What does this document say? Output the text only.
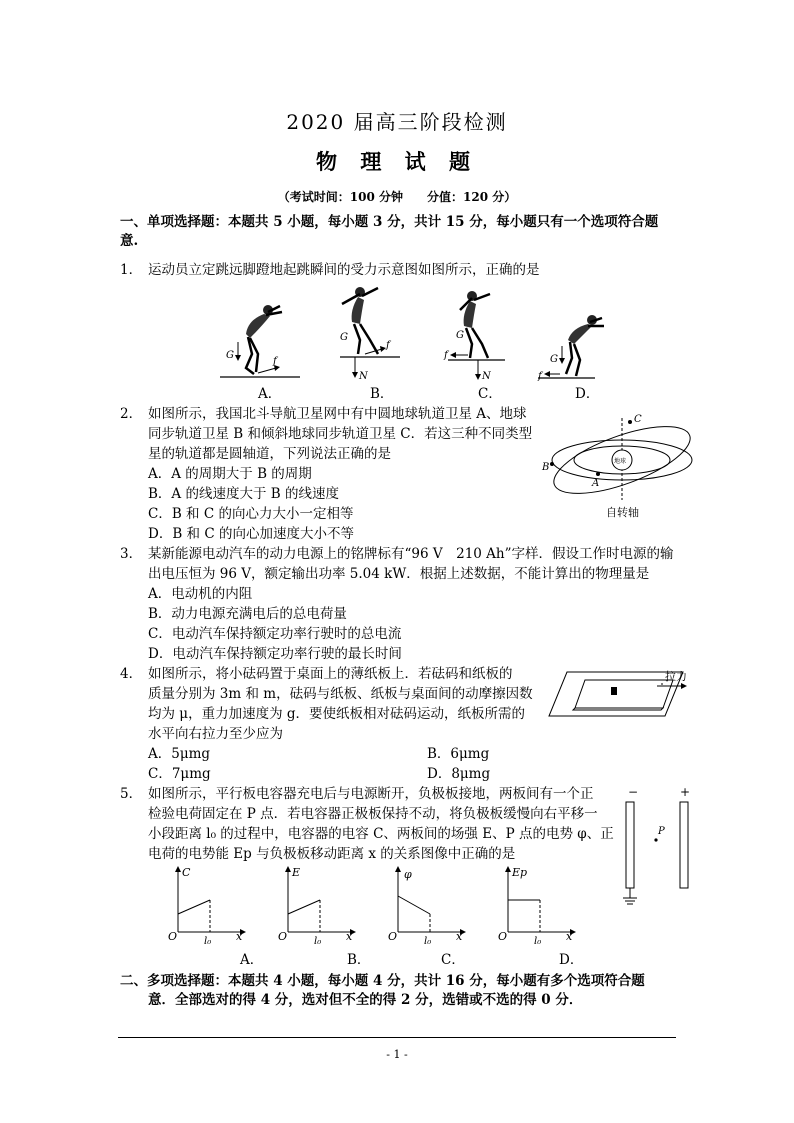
2020 届高三阶段检测
物 理 试 题
（考试时间：100 分钟　　分值：120 分）
一、单项选择题：本题共 5 小题，每小题 3 分，共计 15 分，每小题只有一个选项符合题
意.
1． 运动员立定跳远脚蹬地起跳瞬间的受力示意图如图所示，正确的是
G
f
N
f
G
N
f
G
G
f
A．	B．	C．	D．
2． 如图所示，我国北斗导航卫星网中有中圆地球轨道卫星 A、地球
同步轨道卫星 B 和倾斜地球同步轨道卫星 C．若这三种不同类型
星的轨道都是圆轴道，下列说法正确的是
A．A 的周期大于 B 的周期
B．A 的线速度大于 B 的线速度
C．B 和 C 的向心力大小一定相等
D．B 和 C 的向心加速度大小不等
地球
C
B
A
自转轴
3． 某新能源电动汽车的动力电源上的铭牌标有“96 V　210 Ah”字样．假设工作时电源的输
出电压恒为 96 V，额定输出功率 5.04 kW．根据上述数据，不能计算出的物理量是
A．电动机的内阻
B．动力电源充满电后的总电荷量
C．电动汽车保持额定功率行驶时的总电流
D．电动汽车保持额定功率行驶的最长时间
4． 如图所示，将小砝码置于桌面上的薄纸板上．若砝码和纸板的
质量分别为 3m 和 m，砝码与纸板、纸板与桌面间的动摩擦因数
均为 μ，重力加速度为 g．要使纸板相对砝码运动，纸板所需的
水平向右拉力至少应为
A．5μmg	B．6μmg
C．7μmg	D．8μmg
拉力
5． 如图所示，平行板电容器充电后与电源断开，负极板接地，两板间有一个正
检验电荷固定在 P 点．若电容器正极板保持不动，将负极板缓慢向右平移一
小段距离 l₀ 的过程中，电容器的电容 C、两板间的场强 E、P 点的电势 φ、正
电荷的电势能 Ep 与负极板移动距离 x 的关系图像中正确的是
−	+
P
C
O	x
l₀
E
O	x
l₀
φ
O	x
l₀
Ep
O	x
l₀
A．	B．	C．	D．
二、多项选择题：本题共 4 小题，每小题 4 分，共计 16 分，每小题有多个选项符合题
意．全部选对的得 4 分，选对但不全的得 2 分，选错或不选的得 0 分．
- 1 -
